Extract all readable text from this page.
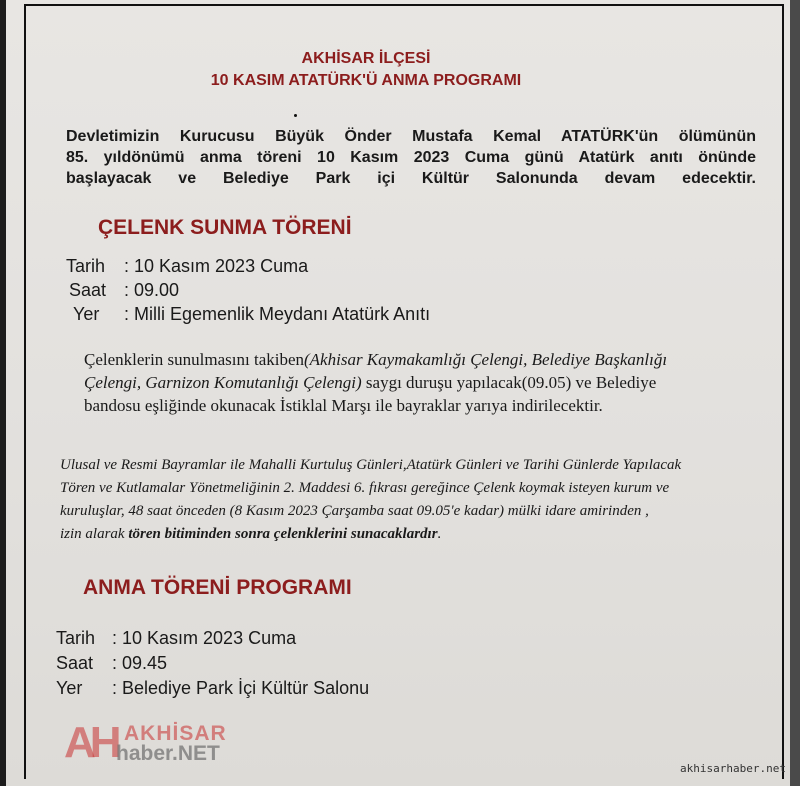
AKHİSAR İLÇESİ
10 KASIM ATATÜRK'Ü ANMA PROGRAMI
Devletimizin Kurucusu Büyük Önder Mustafa Kemal ATATÜRK'ün ölümünün
85. yıldönümü anma töreni 10 Kasım 2023 Cuma günü Atatürk anıtı önünde
başlayacak ve Belediye Park içi Kültür Salonunda devam edecektir.
ÇELENK SUNMA TÖRENİ
Tarih : 10 Kasım 2023 Cuma
Saat : 09.00
Yer : Milli Egemenlik Meydanı Atatürk Anıtı
Çelenklerin sunulmasını takiben(Akhisar Kaymakamlığı Çelengi, Belediye Başkanlığı
Çelengi, Garnizon Komutanlığı Çelengi) saygı duruşu yapılacak(09.05) ve Belediye
bandosu eşliğinde okunacak İstiklal Marşı ile bayraklar yarıya indirilecektir.
Ulusal ve Resmi Bayramlar ile Mahalli Kurtuluş Günleri,Atatürk Günleri ve Tarihi Günlerde Yapılacak
Tören ve Kutlamalar Yönetmeliğinin 2. Maddesi 6. fıkrası gereğince Çelenk koymak isteyen kurum ve
kuruluşlar, 48 saat önceden (8 Kasım 2023 Çarşamba saat 09.05'e kadar) mülki idare amirinden ,
izin alarak tören bitiminden sonra çelenklerini sunacaklardır.
ANMA TÖRENİ PROGRAMI
Tarih : 10 Kasım 2023 Cuma
Saat : 09.45
Yer : Belediye Park İçi Kültür Salonu
AH AKHİSAR
haber.NET
akhisarhaber.net
